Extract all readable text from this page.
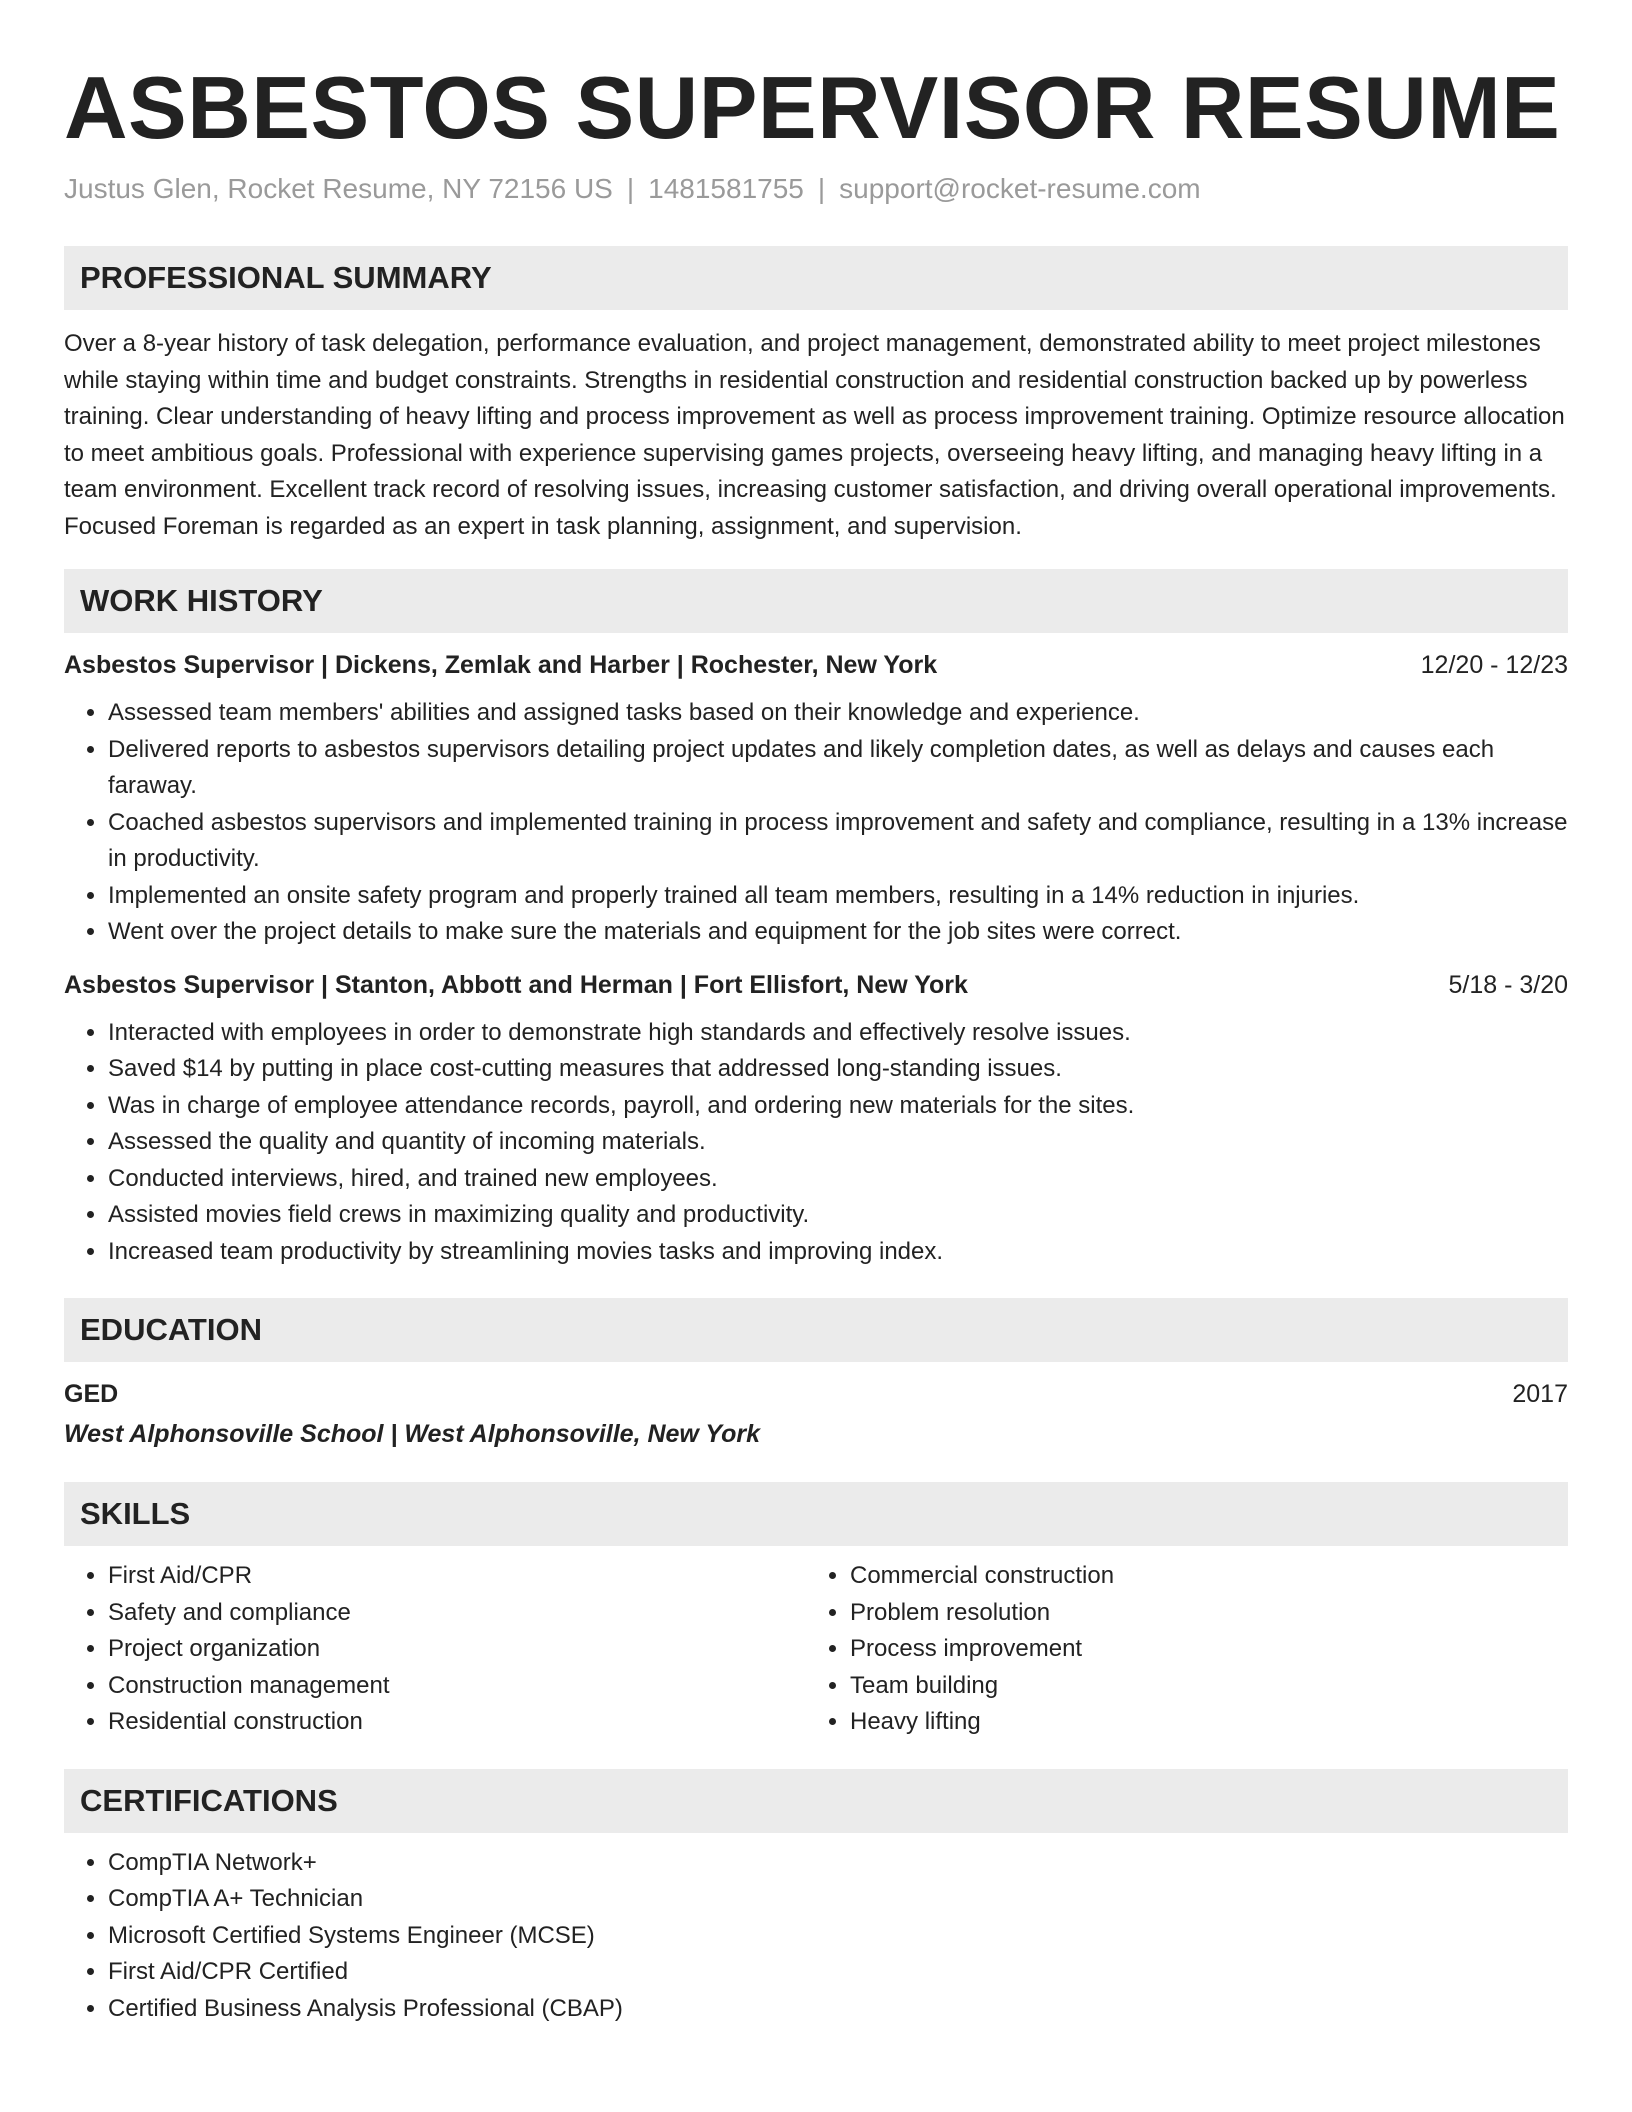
ASBESTOS SUPERVISOR RESUME
Justus Glen, Rocket Resume, NY 72156 US | 1481581755 | support@rocket-resume.com
PROFESSIONAL SUMMARY
Over a 8-year history of task delegation, performance evaluation, and project management, demonstrated ability to meet project milestones while staying within time and budget constraints. Strengths in residential construction and residential construction backed up by powerless training. Clear understanding of heavy lifting and process improvement as well as process improvement training. Optimize resource allocation to meet ambitious goals. Professional with experience supervising games projects, overseeing heavy lifting, and managing heavy lifting in a team environment. Excellent track record of resolving issues, increasing customer satisfaction, and driving overall operational improvements. Focused Foreman is regarded as an expert in task planning, assignment, and supervision.
WORK HISTORY
Asbestos Supervisor | Dickens, Zemlak and Harber | Rochester, New York	12/20 - 12/23
• Assessed team members' abilities and assigned tasks based on their knowledge and experience.
• Delivered reports to asbestos supervisors detailing project updates and likely completion dates, as well as delays and causes each faraway.
• Coached asbestos supervisors and implemented training in process improvement and safety and compliance, resulting in a 13% increase in productivity.
• Implemented an onsite safety program and properly trained all team members, resulting in a 14% reduction in injuries.
• Went over the project details to make sure the materials and equipment for the job sites were correct.
Asbestos Supervisor | Stanton, Abbott and Herman | Fort Ellisfort, New York	5/18 - 3/20
• Interacted with employees in order to demonstrate high standards and effectively resolve issues.
• Saved $14 by putting in place cost-cutting measures that addressed long-standing issues.
• Was in charge of employee attendance records, payroll, and ordering new materials for the sites.
• Assessed the quality and quantity of incoming materials.
• Conducted interviews, hired, and trained new employees.
• Assisted movies field crews in maximizing quality and productivity.
• Increased team productivity by streamlining movies tasks and improving index.
EDUCATION
GED	2017
West Alphonsoville School | West Alphonsoville, New York
SKILLS
• First Aid/CPR
• Safety and compliance
• Project organization
• Construction management
• Residential construction
• Commercial construction
• Problem resolution
• Process improvement
• Team building
• Heavy lifting
CERTIFICATIONS
• CompTIA Network+
• CompTIA A+ Technician
• Microsoft Certified Systems Engineer (MCSE)
• First Aid/CPR Certified
• Certified Business Analysis Professional (CBAP)
